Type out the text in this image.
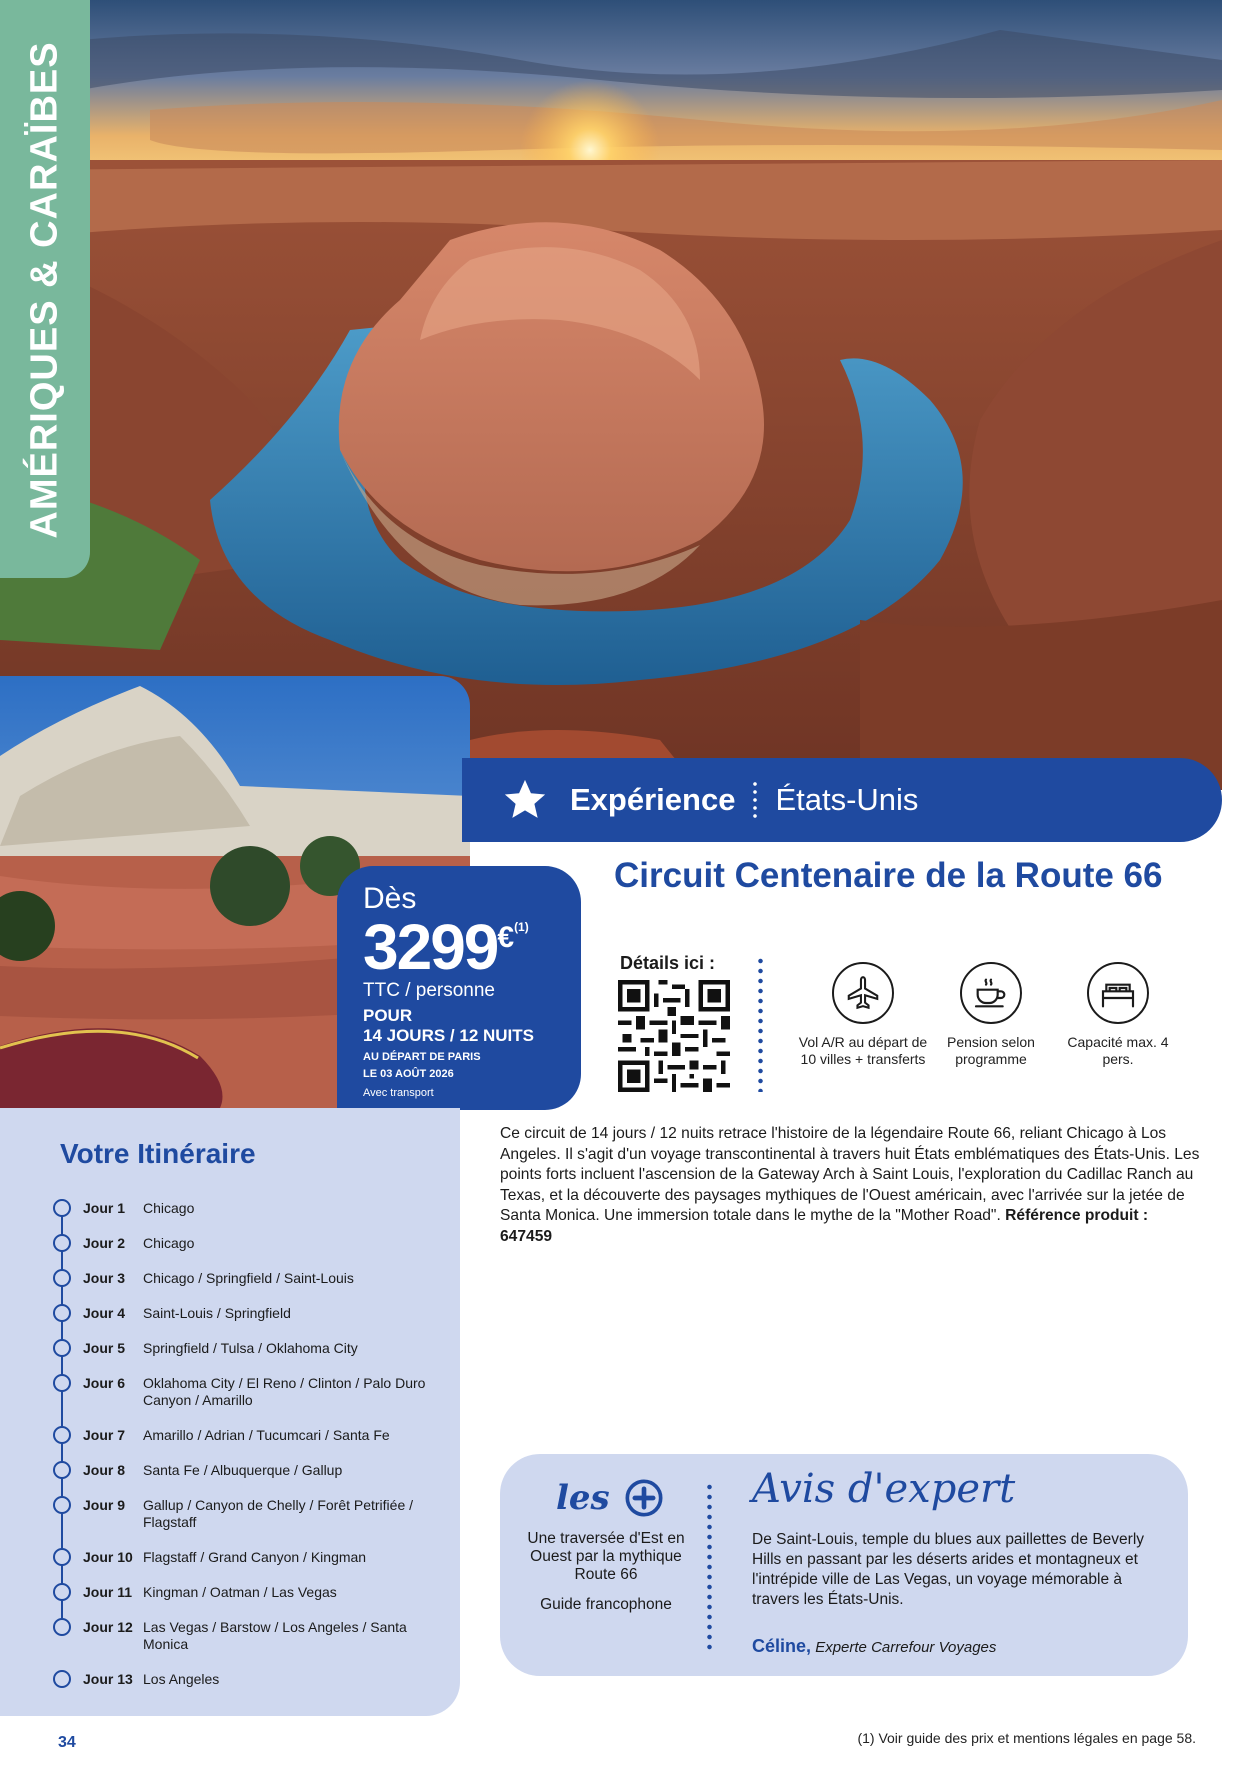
AMÉRIQUES & CARAÏBES
Expérience États-Unis
Circuit Centenaire de la Route 66
Dès
3299 € (1)
TTC / personne
POUR
14 JOURS / 12 NUITS
AU DÉPART DE PARIS
LE 03 AOÛT 2026
Avec transport
Détails ici :
Vol A/R au départ de 10 villes + transferts
Pension selon programme
Capacité max. 4 pers.
Votre Itinéraire
Jour 1 Chicago
Jour 2 Chicago
Jour 3 Chicago / Springfield / Saint-Louis
Jour 4 Saint-Louis / Springfield
Jour 5 Springfield / Tulsa / Oklahoma City
Jour 6 Oklahoma City / El Reno / Clinton / Palo Duro Canyon / Amarillo
Jour 7 Amarillo / Adrian / Tucumcari / Santa Fe
Jour 8 Santa Fe / Albuquerque / Gallup
Jour 9 Gallup / Canyon de Chelly / Forêt Petrifiée / Flagstaff
Jour 10 Flagstaff / Grand Canyon / Kingman
Jour 11 Kingman / Oatman / Las Vegas
Jour 12 Las Vegas / Barstow / Los Angeles / Santa Monica
Jour 13 Los Angeles
Ce circuit de 14 jours / 12 nuits retrace l'histoire de la légendaire Route 66, reliant Chicago à Los Angeles. Il s'agit d'un voyage transcontinental à travers huit États emblématiques des États-Unis. Les points forts incluent l'ascension de la Gateway Arch à Saint Louis, l'exploration du Cadillac Ranch au Texas, et la découverte des paysages mythiques de l'Ouest américain, avec l'arrivée sur la jetée de Santa Monica. Une immersion totale dans le mythe de la "Mother Road". Référence produit : 647459
les
Une traversée d'Est en Ouest par la mythique Route 66
Guide francophone
Avis d'expert
De Saint-Louis, temple du blues aux paillettes de Beverly Hills en passant par les déserts arides et montagneux et l'intrépide ville de Las Vegas, un voyage mémorable à travers les États-Unis.
Céline, Experte Carrefour Voyages
34	(1) Voir guide des prix et mentions légales en page 58.
